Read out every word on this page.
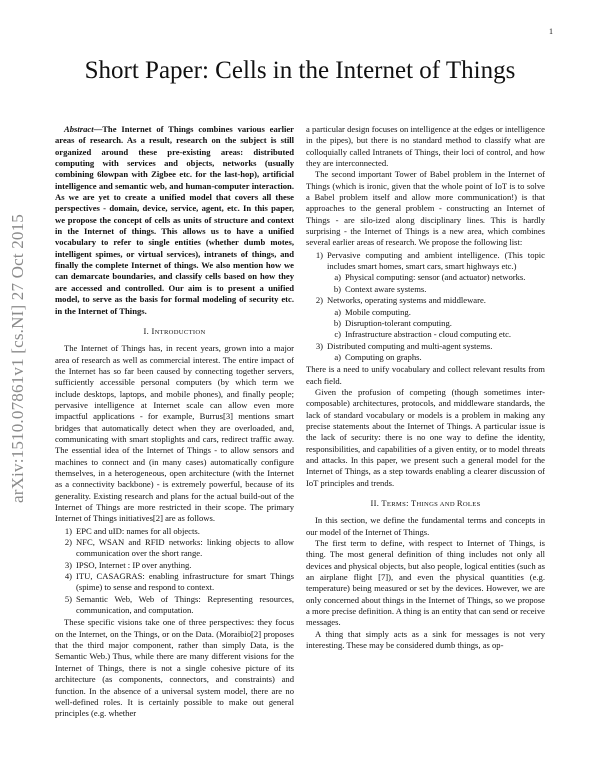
1
arXiv:1510.07861v1 [cs.NI] 27 Oct 2015
Short Paper: Cells in the Internet of Things

Abstract—The Internet of Things combines various earlier areas of research. As a result, research on the subject is still organized around these pre-existing areas: distributed computing with services and objects, networks (usually combining 6lowpan with Zigbee etc. for the last-hop), artificial intelligence and semantic web, and human-computer interaction. As we are yet to create a unified model that covers all these perspectives - domain, device, service, agent, etc. In this paper, we propose the concept of cells as units of structure and context in the Internet of things. This allows us to have a unified vocabulary to refer to single entities (whether dumb motes, intelligent spimes, or virtual services), intranets of things, and finally the complete Internet of things. We also mention how we can demarcate boundaries, and classify cells based on how they are accessed and controlled. Our aim is to present a unified model, to serve as the basis for formal modeling of security etc. in the Internet of Things.

I. INTRODUCTION

The Internet of Things has, in recent years, grown into a major area of research as well as commercial interest. The entire impact of the Internet has so far been caused by connecting together servers, sufficiently accessible personal computers (by which term we include desktops, laptops, and mobile phones), and finally people; pervasive intelligence at Internet scale can allow even more impactful applications - for example, Burrus[3] mentions smart bridges that automatically detect when they are overloaded, and, communicating with smart stoplights and cars, redirect traffic away. The essential idea of the Internet of Things - to allow sensors and machines to connect and (in many cases) automatically configure themselves, in a heterogeneous, open architecture (with the Internet as a connectivity backbone) - is extremely powerful, because of its generality. Existing research and plans for the actual build-out of the Internet of Things are more restricted in their scope. The primary Internet of Things initiatives[2] are as follows.

1) EPC and uID: names for all objects.
2) NFC, WSAN and RFID networks: linking objects to allow communication over the short range.
3) IPSO, Internet : IP over anything.
4) ITU, CASAGRAS: enabling infrastructure for smart Things (spime) to sense and respond to context.
5) Semantic Web, Web of Things: Representing resources, communication, and computation.

These specific visions take one of three perspectives: they focus on the Internet, on the Things, or on the Data. (Moraibio[2] proposes that the third major component, rather than simply Data, is the Semantic Web.) Thus, while there are many different visions for the Internet of Things, there is not a single cohesive picture of its architecture (as components, connectors, and constraints) and function. In the absence of a universal system model, there are no well-defined roles. It is certainly possible to make out general principles (e.g. whether

a particular design focuses on intelligence at the edges or intelligence in the pipes), but there is no standard method to classify what are colloquially called Intranets of Things, their loci of control, and how they are interconnected.

The second important Tower of Babel problem in the Internet of Things (which is ironic, given that the whole point of IoT is to solve a Babel problem itself and allow more communication!) is that approaches to the general problem - constructing an Internet of Things - are silo-ized along disciplinary lines. This is hardly surprising - the Internet of Things is a new area, which combines several earlier areas of research. We propose the following list:

1) Pervasive computing and ambient intelligence. (This topic includes smart homes, smart cars, smart highways etc.)
a) Physical computing: sensor (and actuator) networks.
b) Context aware systems.
2) Networks, operating systems and middleware.
a) Mobile computing.
b) Disruption-tolerant computing.
c) Infrastructure abstraction - cloud computing etc.
3) Distributed computing and multi-agent systems.
a) Computing on graphs.

There is a need to unify vocabulary and collect relevant results from each field.

Given the profusion of competing (though sometimes inter-composable) architectures, protocols, and middleware standards, the lack of standard vocabulary or models is a problem in making any precise statements about the Internet of Things. A particular issue is the lack of security: there is no one way to define the identity, responsibilities, and capabilities of a given entity, or to model threats and attacks. In this paper, we present such a general model for the Internet of Things, as a step towards enabling a clearer discussion of IoT principles and trends.

II. TERMS: THINGS AND ROLES

In this section, we define the fundamental terms and concepts in our model of the Internet of Things.

The first term to define, with respect to Internet of Things, is thing. The most general definition of thing includes not only all devices and physical objects, but also people, logical entities (such as an airplane flight [7]), and even the physical quantities (e.g. temperature) being measured or set by the devices. However, we are only concerned about things in the Internet of Things, so we propose a more precise definition. A thing is an entity that can send or receive messages.

A thing that simply acts as a sink for messages is not very interesting. These may be considered dumb things, as op-
